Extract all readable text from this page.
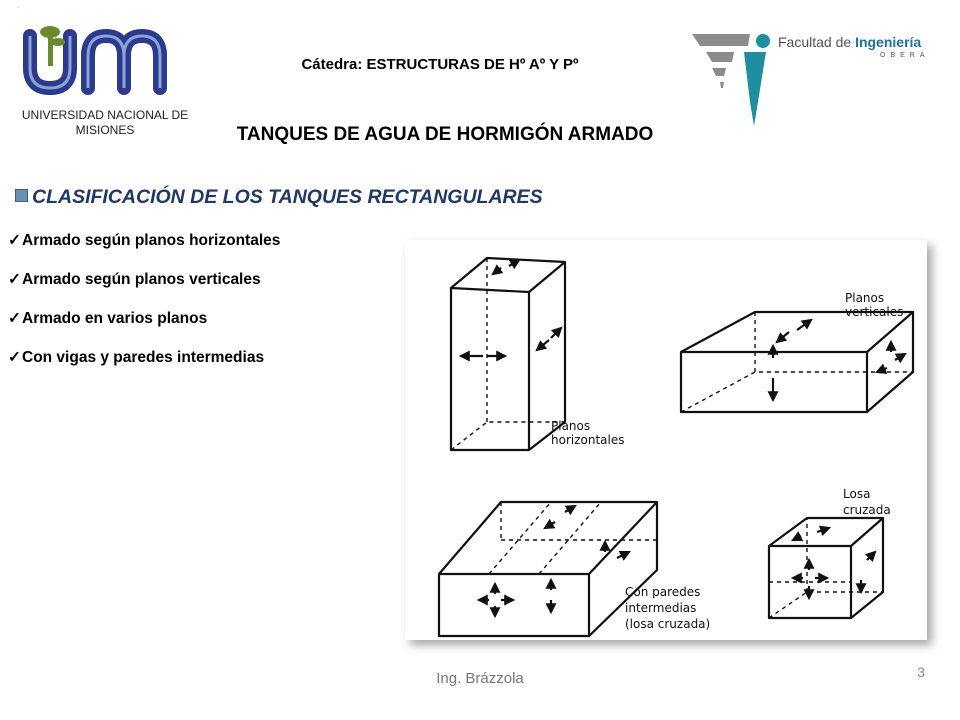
um
UNIVERSIDAD NACIONAL DE MISIONES
Cátedra: ESTRUCTURAS DE Hº Aº Y Pº
Facultad de Ingeniería
OBERA
TANQUES DE AGUA DE HORMIGÓN ARMADO
CLASIFICACIÓN DE LOS TANQUES RECTANGULARES
✓Armado según planos horizontales
✓Armado según planos verticales
✓Armado en varios planos
✓Con vigas y paredes intermedias
Planos
verticales
Planos
horizontales
Losa
cruzada
Con paredes
intermedias
(losa cruzada)
Ing. Brázzola	3
